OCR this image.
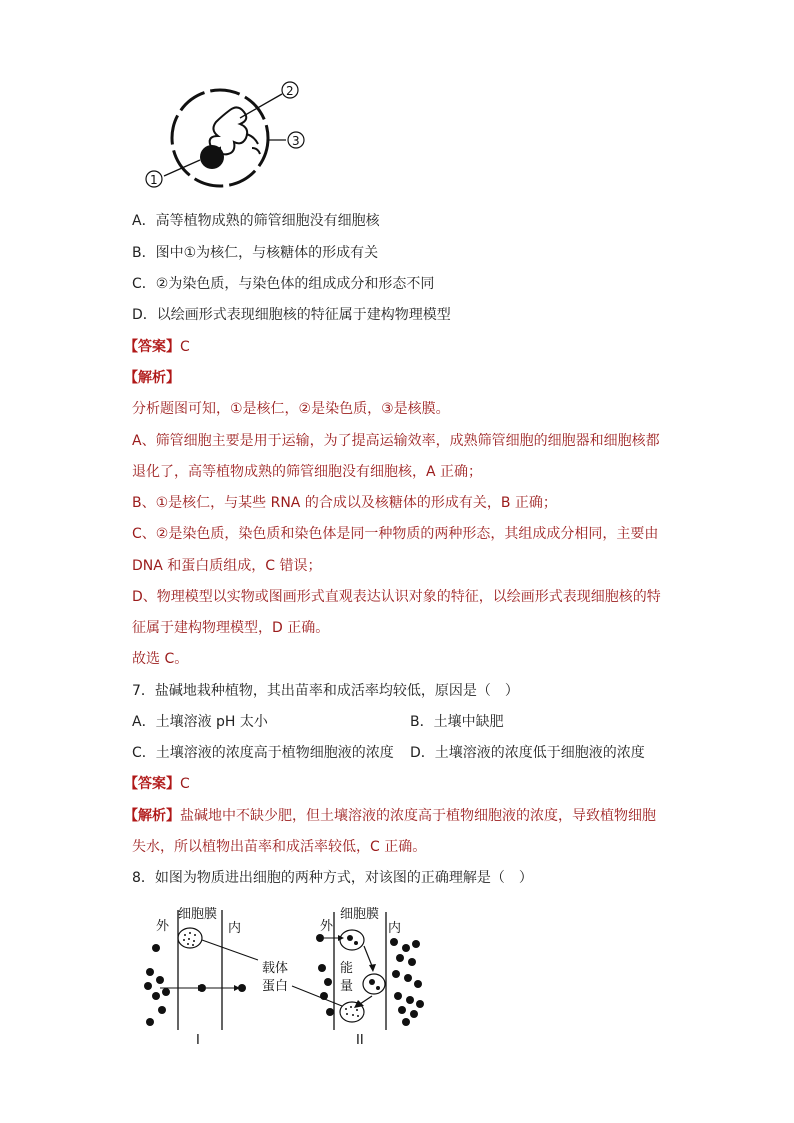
1
2
3
A．高等植物成熟的筛管细胞没有细胞核
B．图中①为核仁，与核糖体的形成有关
C．②为染色质，与染色体的组成成分和形态不同
D．以绘画形式表现细胞核的特征属于建构物理模型
【答案】C
【解析】
分析题图可知，①是核仁，②是染色质，③是核膜。
A、筛管细胞主要是用于运输，为了提高运输效率，成熟筛管细胞的细胞器和细胞核都
退化了，高等植物成熟的筛管细胞没有细胞核，A 正确；
B、①是核仁，与某些 RNA 的合成以及核糖体的形成有关，B 正确；
C、②是染色质，染色质和染色体是同一种物质的两种形态，其组成成分相同，主要由
DNA 和蛋白质组成，C 错误；
D、物理模型以实物或图画形式直观表达认识对象的特征，以绘画形式表现细胞核的特
征属于建构物理模型，D 正确。
故选 C。
7．盐碱地栽种植物，其出苗率和成活率均较低，原因是（　）
A．土壤溶液 pH 太小	B．土壤中缺肥
C．土壤溶液的浓度高于植物细胞液的浓度 D．土壤溶液的浓度低于细胞液的浓度
【答案】C
【解析】盐碱地中不缺少肥，但土壤溶液的浓度高于植物细胞液的浓度，导致植物细胞
失水，所以植物出苗率和成活率较低，C 正确。
8．如图为物质进出细胞的两种方式，对该图的正确理解是（　）
细胞膜
外	内
细胞膜
外	内
载体
蛋白
能
量
I	II
